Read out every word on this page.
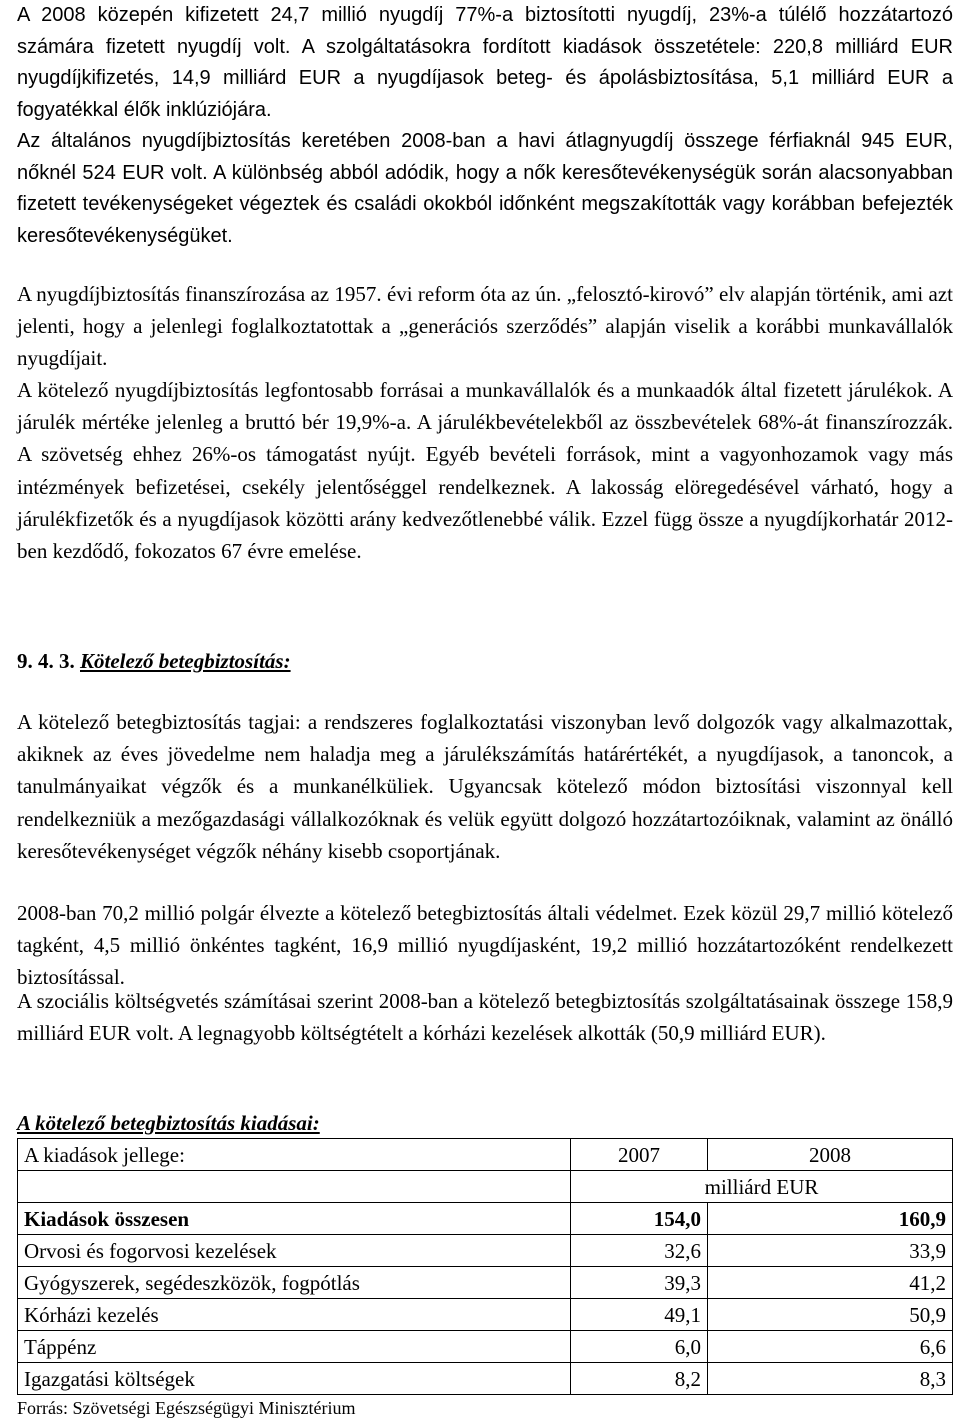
A 2008 közepén kifizetett 24,7 millió nyugdíj 77%-a biztosítotti nyugdíj, 23%-a túlélő hozzátartozó számára fizetett nyugdíj volt. A szolgáltatásokra fordított kiadások összetétele: 220,8 milliárd EUR nyugdíjkifizetés, 14,9 milliárd EUR a nyugdíjasok beteg- és ápolásbiztosítása, 5,1 milliárd EUR a fogyatékkal élők inklúziójára.

Az általános nyugdíjbiztosítás keretében 2008-ban a havi átlagnyugdíj összege férfiaknál 945 EUR, nőknél 524 EUR volt. A különbség abból adódik, hogy a nők keresőtevékenységük során alacsonyabban fizetett tevékenységeket végeztek és családi okokból időnként megszakították vagy korábban befejezték keresőtevékenységüket.

A nyugdíjbiztosítás finanszírozása az 1957. évi reform óta az ún. „felosztó-kirovó” elv alapján történik, ami azt jelenti, hogy a jelenlegi foglalkoztatottak a „generációs szerződés” alapján viselik a korábbi munkavállalók nyugdíjait.

A kötelező nyugdíjbiztosítás legfontosabb forrásai a munkavállalók és a munkaadók által fizetett járulékok. A járulék mértéke jelenleg a bruttó bér 19,9%-a. A járulékbevételekből az összbevételek 68%-át finanszírozzák. A szövetség ehhez 26%-os támogatást nyújt. Egyéb bevételi források, mint a vagyonhozamok vagy más intézmények befizetései, csekély jelentőséggel rendelkeznek. A lakosság elöregedésével várható, hogy a járulékfizetők és a nyugdíjasok közötti arány kedvezőtlenebbé válik. Ezzel függ össze a nyugdíjkorhatár 2012-ben kezdődő, fokozatos 67 évre emelése.

9. 4. 3. Kötelező betegbiztosítás:

A kötelező betegbiztosítás tagjai: a rendszeres foglalkoztatási viszonyban levő dolgozók vagy alkalmazottak, akiknek az éves jövedelme nem haladja meg a járulékszámítás határértékét, a nyugdíjasok, a tanoncok, a tanulmányaikat végzők és a munkanélküliek. Ugyancsak kötelező módon biztosítási viszonnyal kell rendelkezniük a mezőgazdasági vállalkozóknak és velük együtt dolgozó hozzátartozóiknak, valamint az önálló keresőtevékenységet végzők néhány kisebb csoportjának.

2008-ban 70,2 millió polgár élvezte a kötelező betegbiztosítás általi védelmet. Ezek közül 29,7 millió kötelező tagként, 4,5 millió önkéntes tagként, 16,9 millió nyugdíjasként, 19,2 millió hozzátartozóként rendelkezett biztosítással.

A szociális költségvetés számításai szerint 2008-ban a kötelező betegbiztosítás szolgáltatásainak összege 158,9 milliárd EUR volt. A legnagyobb költségtételt a kórházi kezelések alkották (50,9 milliárd EUR).

A kötelező betegbiztosítás kiadásai:
A kiadások jellege:	2007	2008
	milliárd EUR	
Kiadások összesen	154,0	160,9
Orvosi és fogorvosi kezelések	32,6	33,9
Gyógyszerek, segédeszközök, fogpótlás	39,3	41,2
Kórházi kezelés	49,1	50,9
Táppénz	6,0	6,6
Igazgatási költségek	8,2	8,3
Forrás: Szövetségi Egészségügyi Minisztérium
